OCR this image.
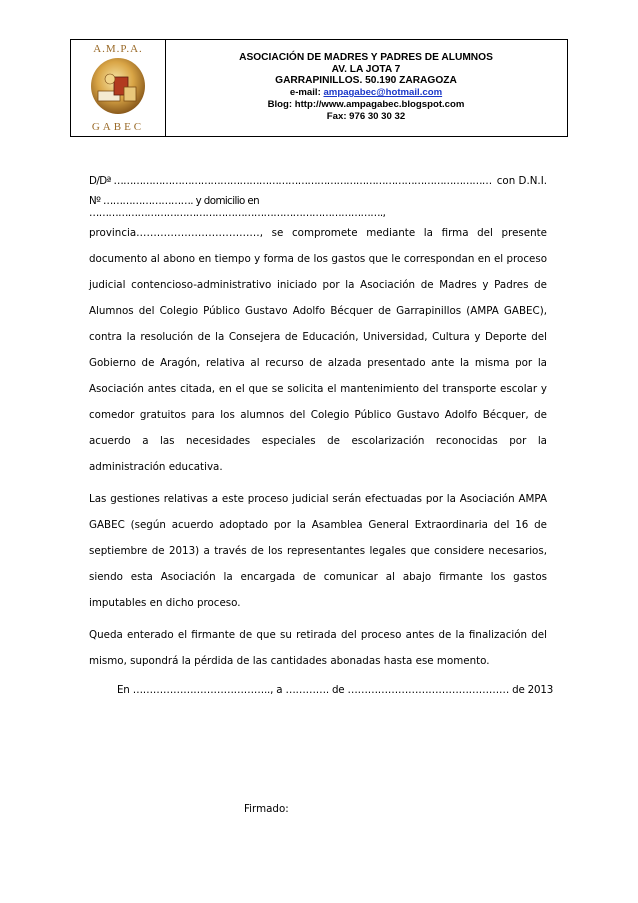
A.M.P.A.
GABEC
ASOCIACIÓN DE MADRES Y PADRES DE ALUMNOS
AV. LA JOTA 7
GARRAPINILLOS. 50.190 ZARAGOZA
e-mail: ampagabec@hotmail.com
Blog: http://www.ampagabec.blogspot.com
Fax: 976 30 30 32
D/Dª ……………………………………………………………………………………………………… con D.N.I.
Nº ………………………. y domicilio en ……………………………………………………………………………….,

provincia………………………………, se compromete mediante la firma del presente documento al abono en tiempo y forma de los gastos que le correspondan en el proceso judicial contencioso-administrativo iniciado por la Asociación de Madres y Padres de Alumnos del Colegio Público Gustavo Adolfo Bécquer de Garrapinillos (AMPA GABEC), contra la resolución de la Consejera de Educación, Universidad, Cultura y Deporte del Gobierno de Aragón, relativa al recurso de alzada presentado ante la misma por la Asociación antes citada, en el que se solicita el mantenimiento del transporte escolar y comedor gratuitos para los alumnos del Colegio Público Gustavo Adolfo Bécquer, de acuerdo a las necesidades especiales de escolarización reconocidas por la administración educativa.

Las gestiones relativas a este proceso judicial serán efectuadas por la Asociación AMPA GABEC (según acuerdo adoptado por la Asamblea General Extraordinaria del 16 de septiembre de 2013) a través de los representantes legales que considere necesarios, siendo esta Asociación la encargada de comunicar al abajo firmante los gastos imputables en dicho proceso.

Queda enterado el firmante de que su retirada del proceso antes de la finalización del mismo, supondrá la pérdida de las cantidades abonadas hasta ese momento.

En ………………………………….., a …………. de ………………………………………… de 2013
Firmado:
